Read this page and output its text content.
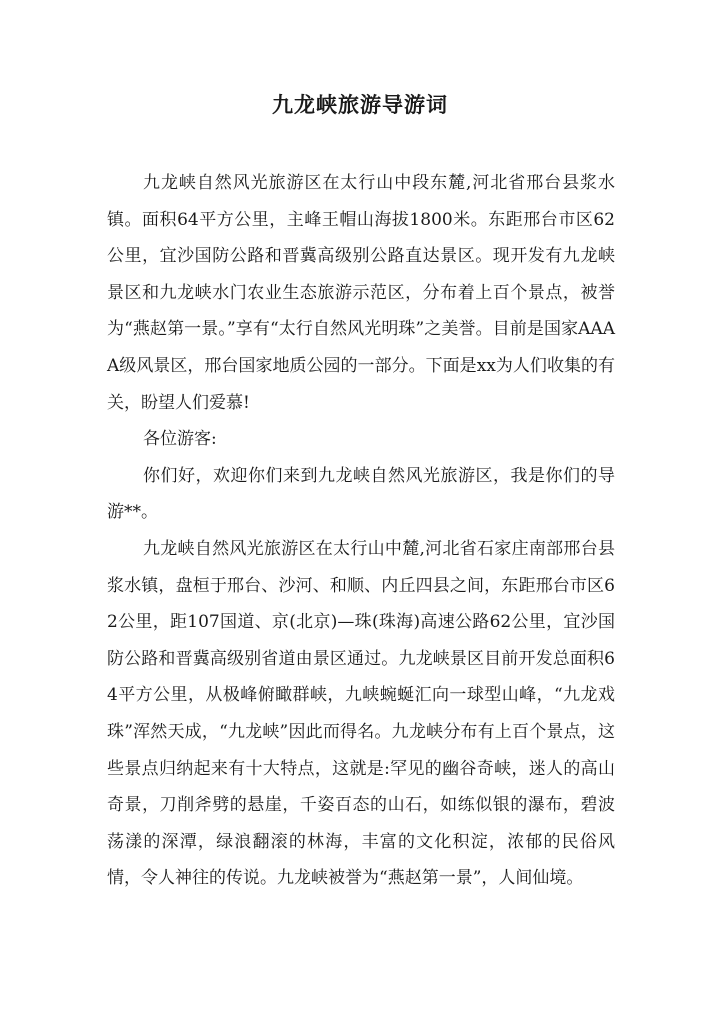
九龙峡旅游导游词

九龙峡自然风光旅游区在太行山中段东麓,河北省邢台县浆水镇。面积64平方公里，主峰王帽山海拔1800米。东距邢台市区62公里，宜沙国防公路和晋冀高级别公路直达景区。现开发有九龙峡景区和九龙峡水门农业生态旅游示范区，分布着上百个景点，被誉为“燕赵第一景。”享有“太行自然风光明珠”之美誉。目前是国家AAAA级风景区，邢台国家地质公园的一部分。下面是xx为人们收集的有关，盼望人们爱慕!

各位游客:

你们好，欢迎你们来到九龙峡自然风光旅游区，我是你们的导游**。

九龙峡自然风光旅游区在太行山中麓,河北省石家庄南部邢台县浆水镇，盘桓于邢台、沙河、和顺、内丘四县之间，东距邢台市区62公里，距107国道、京(北京)—珠(珠海)高速公路62公里，宜沙国防公路和晋冀高级别省道由景区通过。九龙峡景区目前开发总面积64平方公里，从极峰俯瞰群峡，九峡蜿蜒汇向一球型山峰，“九龙戏珠”浑然天成，“九龙峡”因此而得名。九龙峡分布有上百个景点，这些景点归纳起来有十大特点，这就是:罕见的幽谷奇峡，迷人的高山奇景，刀削斧劈的悬崖，千姿百态的山石，如练似银的瀑布，碧波荡漾的深潭，绿浪翻滚的林海，丰富的文化积淀，浓郁的民俗风情，令人神往的传说。九龙峡被誉为“燕赵第一景”，人间仙境。
